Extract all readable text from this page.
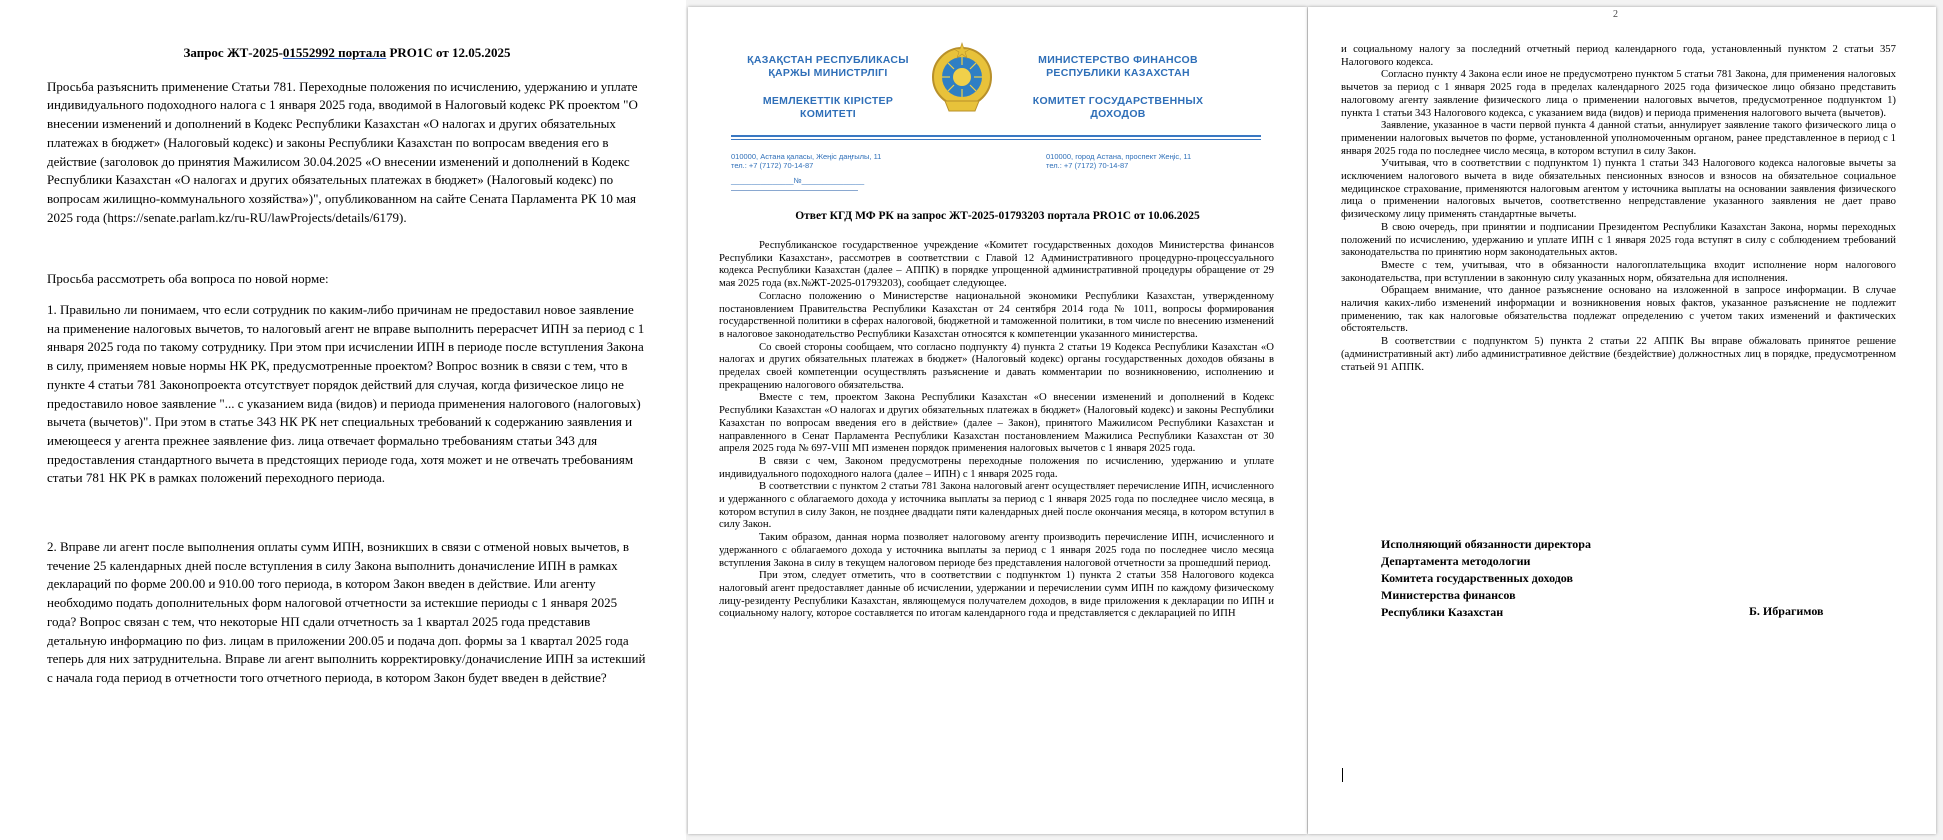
Запрос ЖТ-2025-01552992 портала PRO1C от 12.05.2025

Просьба разъяснить применение Статьи 781. Переходные положения по исчислению, удержанию и уплате индивидуального подоходного налога с 1 января 2025 года, вводимой в Налоговый кодекс РК проектом "О внесении изменений и дополнений в Кодекс Республики Казахстан «О налогах и других обязательных платежах в бюджет» (Налоговый кодекс) и законы Республики Казахстан по вопросам введения его в действие (заголовок до принятия Мажилисом 30.04.2025 «О внесении изменений и дополнений в Кодекс Республики Казахстан «О налогах и других обязательных платежах в бюджет» (Налоговый кодекс) по вопросам жилищно-коммунального хозяйства»)", опубликованном на сайте Сената Парламента РК 10 мая 2025 года (https://senate.parlam.kz/ru-RU/lawProjects/details/6179).

Просьба рассмотреть оба вопроса по новой норме:

1. Правильно ли понимаем, что если сотрудник по каким-либо причинам не предоставил новое заявление на применение налоговых вычетов, то налоговый агент не вправе выполнить перерасчет ИПН за период с 1 января 2025 года по такому сотруднику. При этом при исчислении ИПН в периоде после вступления Закона в силу, применяем новые нормы НК РК, предусмотренные проектом? Вопрос возник в связи с тем, что в пункте 4 статьи 781 Законопроекта отсутствует порядок действий для случая, когда физическое лицо не предоставило новое заявление "... с указанием вида (видов) и периода применения налогового (налоговых) вычета (вычетов)". При этом в статье 343 НК РК нет специальных требований к содержанию заявления и имеющееся у агента прежнее заявление физ. лица отвечает формально требованиям статьи 343 для предоставления стандартного вычета в предстоящих периоде года, хотя может и не отвечать требованиям статьи 781 НК РК в рамках положений переходного периода.

2. Вправе ли агент после выполнения оплаты сумм ИПН, возникших в связи с отменой новых вычетов, в течение 25 календарных дней после вступления в силу Закона выполнить доначисление ИПН в рамках деклараций по форме 200.00 и 910.00 того периода, в котором Закон введен в действие. Или агенту необходимо подать дополнительных форм налоговой отчетности за истекшие периоды с 1 января 2025 года? Вопрос связан с тем, что некоторые НП сдали отчетность за 1 квартал 2025 года представив детальную информацию по физ. лицам в приложении 200.05 и подача доп. формы за 1 квартал 2025 года теперь для них затруднительна. Вправе ли агент выполнить корректировку/доначисление ИПН за истекший с начала года период в отчетности того отчетного периода, в котором Закон будет введен в действие?

ҚАЗАҚСТАН РЕСПУБЛИКАСЫ
ҚАРЖЫ МИНИСТРЛІГІ
МЕМЛЕКЕТТІК КІРІСТЕР
КОМИТЕТІ
МИНИСТЕРСТВО ФИНАНСОВ
РЕСПУБЛИКИ КАЗАХСТАН
КОМИТЕТ ГОСУДАРСТВЕННЫХ
ДОХОДОВ
010000, Астана қаласы, Жеңіс даңғылы, 11
тел.: +7 (7172) 70-14-87
010000, город Астана, проспект Жеңіс, 11
тел.: +7 (7172) 70-14-87
_______________№_______________
Ответ КГД МФ РК на запрос ЖТ-2025-01793203 портала PRO1C от 10.06.2025

Республиканское государственное учреждение «Комитет государственных доходов Министерства финансов Республики Казахстан», рассмотрев в соответствии с Главой 12 Административного процедурно-процессуального кодекса Республики Казахстан (далее – АППК) в порядке упрощенной административной процедуры обращение от 29 мая 2025 года (вх.№ЖТ-2025-01793203), сообщает следующее.

Согласно положению о Министерстве национальной экономики Республики Казахстан, утвержденному постановлением Правительства Республики Казахстан от 24 сентября 2014 года № 1011, вопросы формирования государственной политики в сферах налоговой, бюджетной и таможенной политики, в том числе по внесению изменений в налоговое законодательство Республики Казахстан относятся к компетенции указанного министерства.

Со своей стороны сообщаем, что согласно подпункту 4) пункта 2 статьи 19 Кодекса Республики Казахстан «О налогах и других обязательных платежах в бюджет» (Налоговый кодекс) органы государственных доходов обязаны в пределах своей компетенции осуществлять разъяснение и давать комментарии по возникновению, исполнению и прекращению налогового обязательства.

Вместе с тем, проектом Закона Республики Казахстан «О внесении изменений и дополнений в Кодекс Республики Казахстан «О налогах и других обязательных платежах в бюджет» (Налоговый кодекс) и законы Республики Казахстан по вопросам введения его в действие» (далее – Закон), принятого Мажилисом Республики Казахстан и направленного в Сенат Парламента Республики Казахстан постановлением Мажилиса Республики Казахстан от 30 апреля 2025 года № 697-VIII МП изменен порядок применения налоговых вычетов с 1 января 2025 года.

В связи с чем, Законом предусмотрены переходные положения по исчислению, удержанию и уплате индивидуального подоходного налога (далее – ИПН) с 1 января 2025 года.

В соответствии с пунктом 2 статьи 781 Закона налоговый агент осуществляет перечисление ИПН, исчисленного и удержанного с облагаемого дохода у источника выплаты за период с 1 января 2025 года по последнее число месяца, в котором вступил в силу Закон, не позднее двадцати пяти календарных дней после окончания месяца, в котором вступил в силу Закон.

Таким образом, данная норма позволяет налоговому агенту производить перечисление ИПН, исчисленного и удержанного с облагаемого дохода у источника выплаты за период с 1 января 2025 года по последнее число месяца вступления Закона в силу в текущем налоговом периоде без представления налоговой отчетности за прошедший период.

При этом, следует отметить, что в соответствии с подпунктом 1) пункта 2 статьи 358 Налогового кодекса налоговый агент предоставляет данные об исчислении, удержании и перечислении сумм ИПН по каждому физическому лицу-резиденту Республики Казахстан, являющемуся получателем доходов, в виде приложения к декларации по ИПН и социальному налогу, которое составляется по итогам календарного года и представляется с декларацией по ИПН

2

и социальному налогу за последний отчетный период календарного года, установленный пунктом 2 статьи 357 Налогового кодекса.

Согласно пункту 4 Закона если иное не предусмотрено пунктом 5 статьи 781 Закона, для применения налоговых вычетов за период с 1 января 2025 года в пределах календарного 2025 года физическое лицо обязано представить налоговому агенту заявление физического лица о применении налоговых вычетов, предусмотренное подпунктом 1) пункта 1 статьи 343 Налогового кодекса, с указанием вида (видов) и периода применения налогового вычета (вычетов).

Заявление, указанное в части первой пункта 4 данной статьи, аннулирует заявление такого физического лица о применении налоговых вычетов по форме, установленной уполномоченным органом, ранее представленное в период с 1 января 2025 года по последнее число месяца, в котором вступил в силу Закон.

Учитывая, что в соответствии с подпунктом 1) пункта 1 статьи 343 Налогового кодекса налоговые вычеты за исключением налогового вычета в виде обязательных пенсионных взносов и взносов на обязательное социальное медицинское страхование, применяются налоговым агентом у источника выплаты на основании заявления физического лица о применении налоговых вычетов, соответственно непредставление указанного заявления не дает право физическому лицу применять стандартные вычеты.

В свою очередь, при принятии и подписании Президентом Республики Казахстан Закона, нормы переходных положений по исчислению, удержанию и уплате ИПН с 1 января 2025 года вступят в силу с соблюдением требований законодательства по принятию норм законодательных актов.

Вместе с тем, учитывая, что в обязанности налогоплательщика входит исполнение норм налогового законодательства, при вступлении в законную силу указанных норм, обязательна для исполнения.

Обращаем внимание, что данное разъяснение основано на изложенной в запросе информации. В случае наличия каких-либо изменений информации и возникновения новых фактов, указанное разъяснение не подлежит применению, так как налоговые обязательства подлежат определению с учетом таких изменений и фактических обстоятельств.

В соответствии с подпунктом 5) пункта 2 статьи 22 АППК Вы вправе обжаловать принятое решение (административный акт) либо административное действие (бездействие) должностных лиц в порядке, предусмотренном статьей 91 АППК.

Исполняющий обязанности директора
Департамента методологии
Комитета государственных доходов
Министерства финансов
Республики Казахстан	Б. Ибрагимов
